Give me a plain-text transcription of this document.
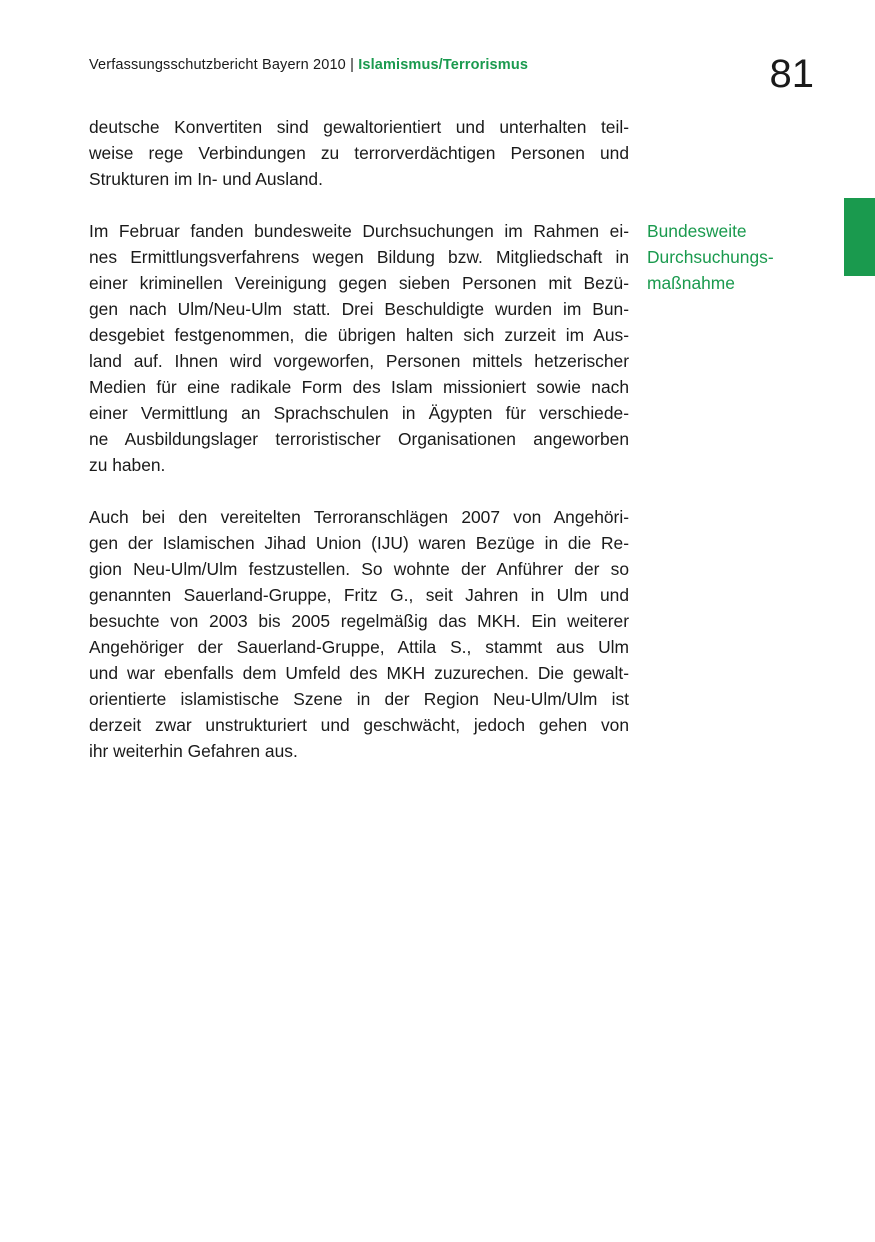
Verfassungsschutzbericht Bayern 2010 | Islamismus/Terrorismus	81

deutsche Konvertiten sind gewaltorientiert und unterhalten teil-
weise rege Verbindungen zu terrorverdächtigen Personen und
Strukturen im In- und Ausland.

Im Februar fanden bundesweite Durchsuchungen im Rahmen ei-
nes Ermittlungsverfahrens wegen Bildung bzw. Mitgliedschaft in
einer kriminellen Vereinigung gegen sieben Personen mit Bezü-
gen nach Ulm/Neu-Ulm statt. Drei Beschuldigte wurden im Bun-
desgebiet festgenommen, die übrigen halten sich zurzeit im Aus-
land auf. Ihnen wird vorgeworfen, Personen mittels hetzerischer
Medien für eine radikale Form des Islam missioniert sowie nach
einer Vermittlung an Sprachschulen in Ägypten für verschiede-
ne Ausbildungslager terroristischer Organisationen angeworben
zu haben.

Auch bei den vereitelten Terroranschlägen 2007 von Angehöri-
gen der Islamischen Jihad Union (IJU) waren Bezüge in die Re-
gion Neu-Ulm/Ulm festzustellen. So wohnte der Anführer der so
genannten Sauerland-Gruppe, Fritz G., seit Jahren in Ulm und
besuchte von 2003 bis 2005 regelmäßig das MKH. Ein weiterer
Angehöriger der Sauerland-Gruppe, Attila S., stammt aus Ulm
und war ebenfalls dem Umfeld des MKH zuzurechen. Die gewalt-
orientierte islamistische Szene in der Region Neu-Ulm/Ulm ist
derzeit zwar unstrukturiert und geschwächt, jedoch gehen von
ihr weiterhin Gefahren aus.

Bundesweite
Durchsuchungs-
maßnahme
